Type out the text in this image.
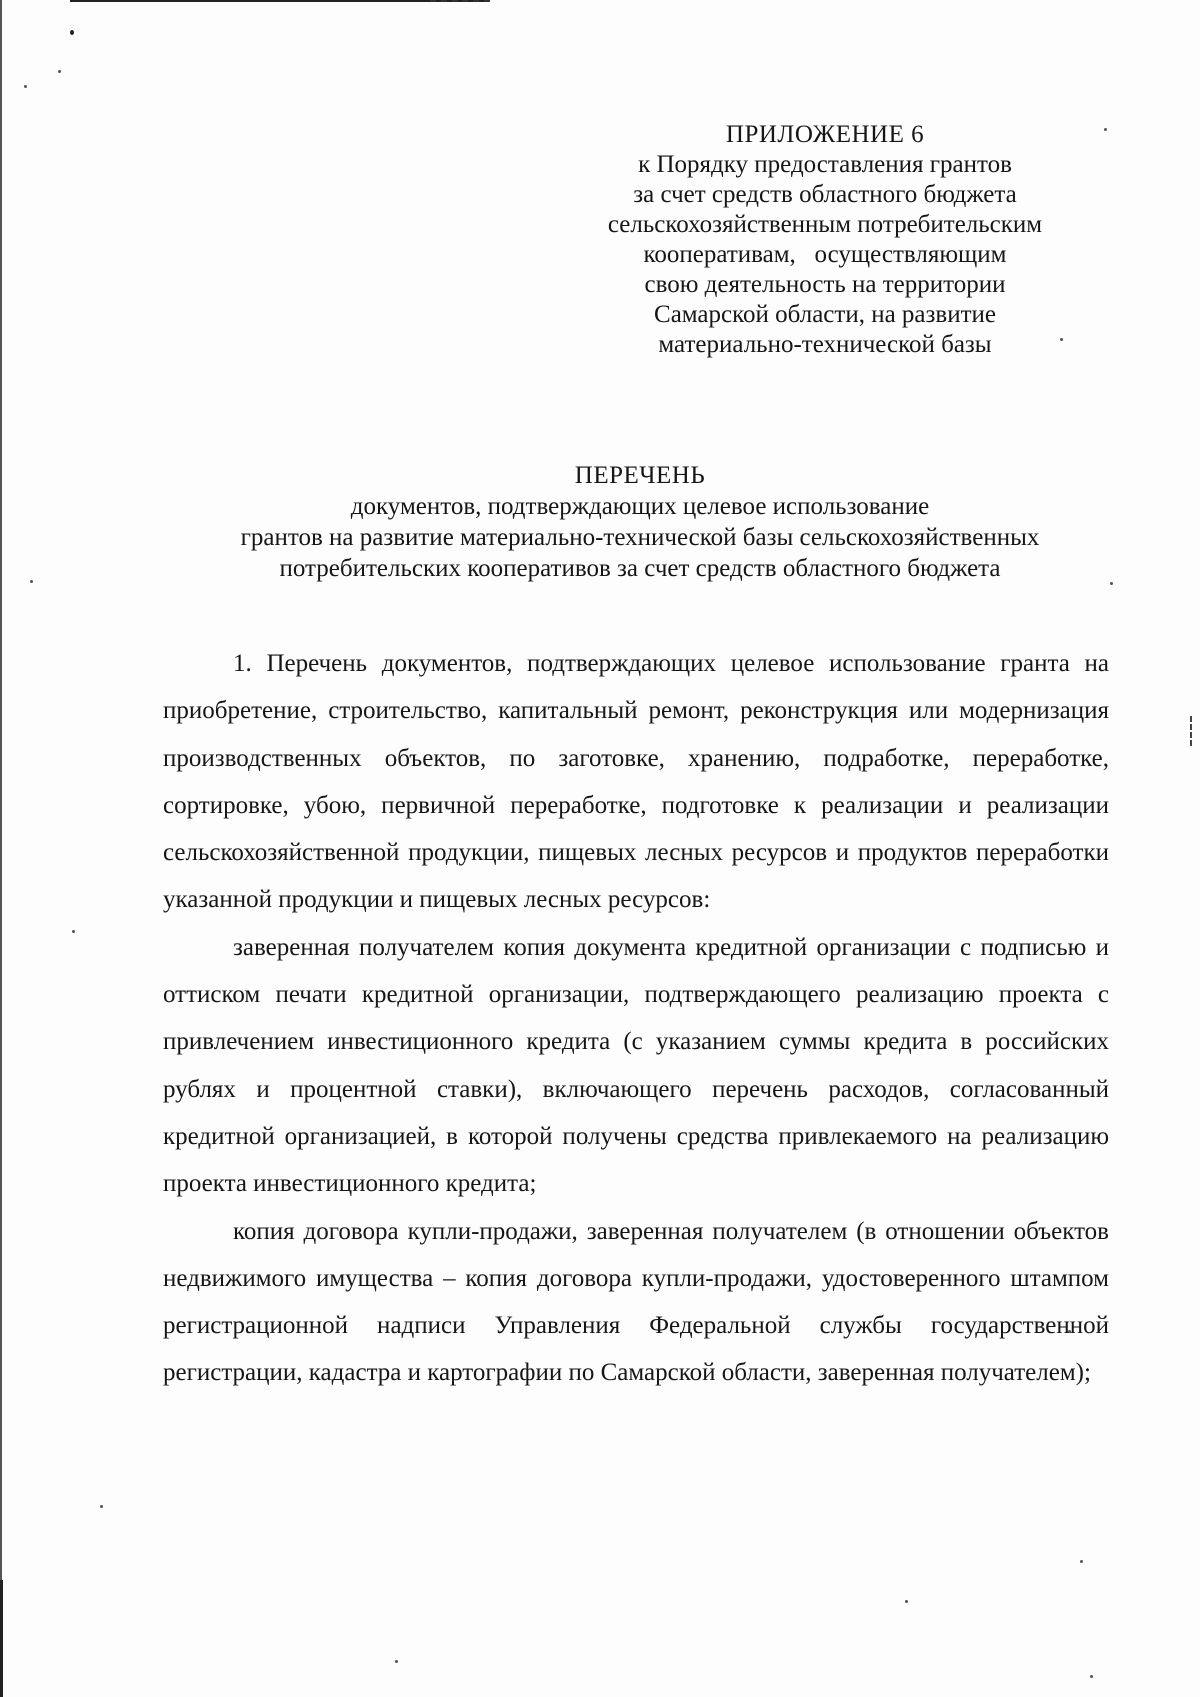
ПРИЛОЖЕНИЕ 6
к Порядку предоставления грантов
за счет средств областного бюджета
сельскохозяйственным потребительским
кооперативам,   осуществляющим
свою деятельность на территории
Самарской области, на развитие
материально-технической базы
ПЕРЕЧЕНЬ
документов, подтверждающих целевое использование
грантов на развитие материально-технической базы сельскохозяйственных
потребительских кооперативов за счет средств областного бюджета

1. Перечень документов, подтверждающих целевое использование гранта на приобретение, строительство, капитальный ремонт, реконструкция или модернизация производственных объектов, по заготовке, хранению, подработке, переработке, сортировке, убою, первичной переработке, подготовке к реализации и реализации сельскохозяйственной продукции, пищевых лесных ресурсов и продуктов переработки указанной продукции и пищевых лесных ресурсов:

заверенная получателем копия документа кредитной организации с подписью и оттиском печати кредитной организации, подтверждающего реализацию проекта с привлечением инвестиционного кредита (с указанием суммы кредита в российских рублях и процентной ставки), включающего перечень расходов, согласованный кредитной организацией, в которой получены средства привлекаемого на реализацию проекта инвестиционного кредита;

копия договора купли-продажи, заверенная получателем (в отношении объектов недвижимого имущества – копия договора купли-продажи, удостоверенного штампом регистрационной надписи Управления Федеральной службы государственной регистрации, кадастра и картографии по Самарской области, заверенная получателем);
